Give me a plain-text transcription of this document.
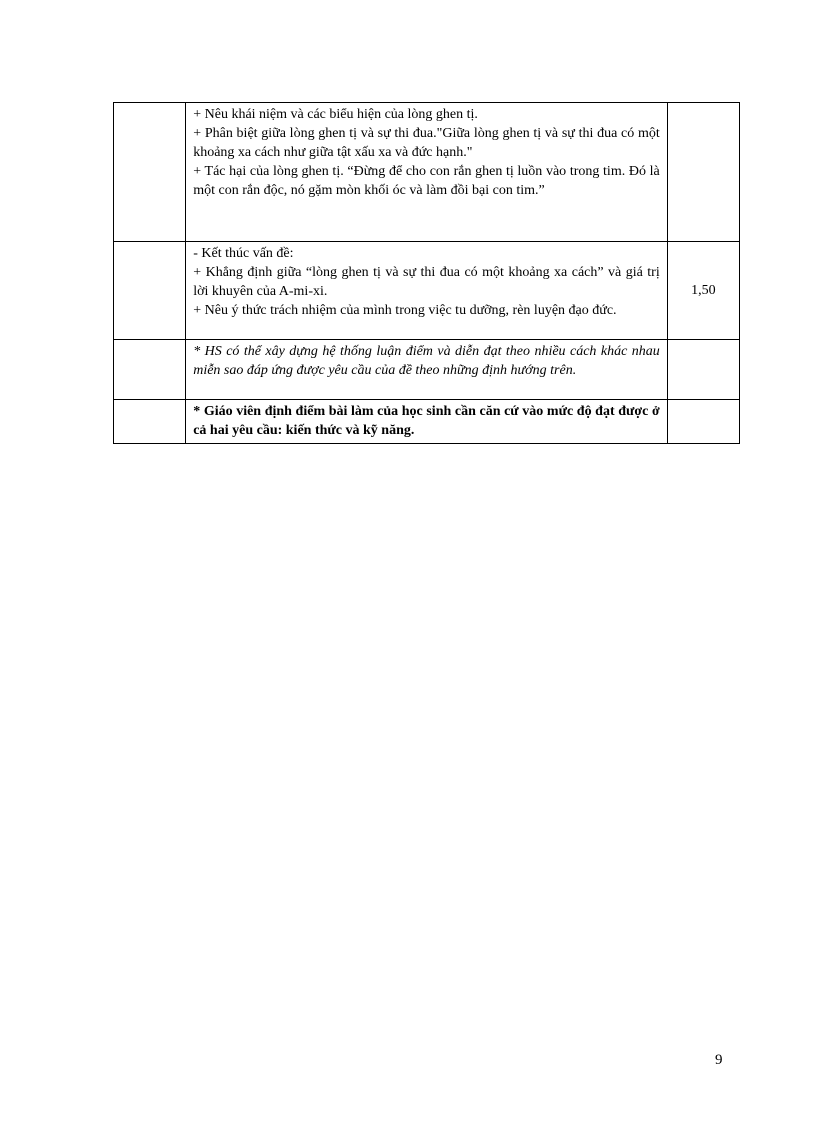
	+ Nêu khái niệm và các biểu hiện của lòng ghen tị.
+ Phân biệt giữa lòng ghen tị và sự thi đua."Giữa lòng ghen tị và sự thi đua có một khoảng xa cách như giữa tật xấu xa và đức hạnh."
+ Tác hại của lòng ghen tị. “Đừng để cho con rắn ghen tị luồn vào trong tim. Đó là một con rắn độc, nó gặm mòn khối óc và làm đồi bại con tim.”	

	- Kết thúc vấn đề:
+ Khẳng định giữa “lòng ghen tị và sự thi đua có một khoảng xa cách” và giá trị lời khuyên của A-mi-xi.
+ Nêu ý thức trách nhiệm của mình trong việc tu dưỡng, rèn luyện đạo đức.	1,50
	* HS có thể xây dựng hệ thống luận điểm và diễn đạt theo nhiều cách khác nhau miễn sao đáp ứng được yêu cầu của đề theo những định hướng trên.	
	* Giáo viên định điểm bài làm của học sinh cần căn cứ vào mức độ đạt được ở cả hai yêu cầu: kiến thức và kỹ năng.	
9
